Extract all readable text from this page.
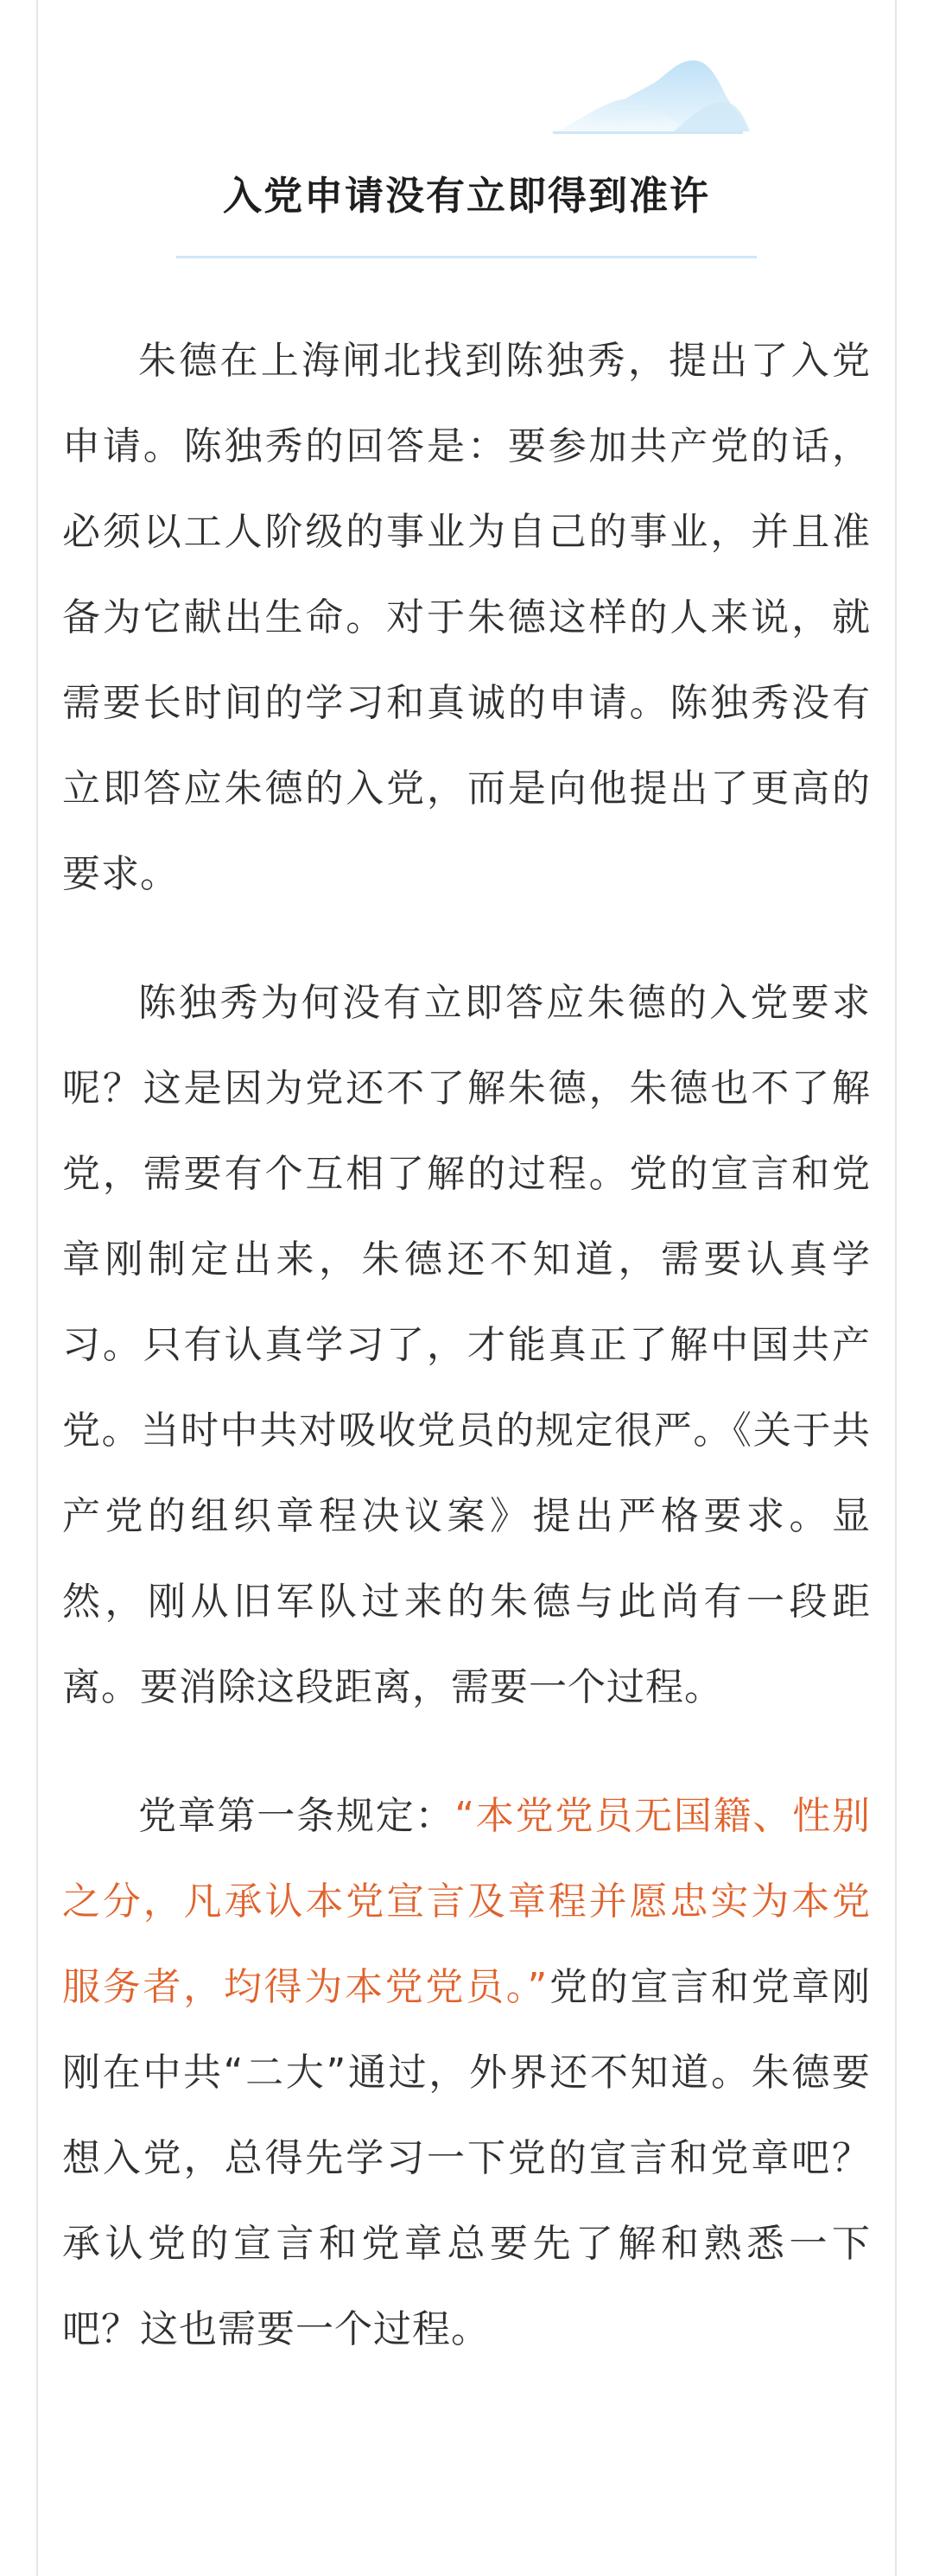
入党申请没有立即得到准许

朱德在上海闸北找到陈独秀，提出了入党申请。陈独秀的回答是：要参加共产党的话，必须以工人阶级的事业为自己的事业，并且准备为它献出生命。对于朱德这样的人来说，就需要长时间的学习和真诚的申请。陈独秀没有立即答应朱德的入党，而是向他提出了更高的要求。

陈独秀为何没有立即答应朱德的入党要求呢？这是因为党还不了解朱德，朱德也不了解党，需要有个互相了解的过程。党的宣言和党章刚制定出来，朱德还不知道，需要认真学习。只有认真学习了，才能真正了解中国共产党。当时中共对吸收党员的规定很严。《关于共产党的组织章程决议案》提出严格要求。显然，刚从旧军队过来的朱德与此尚有一段距离。要消除这段距离，需要一个过程。

党章第一条规定：“本党党员无国籍、性别之分，凡承认本党宣言及章程并愿忠实为本党服务者，均得为本党党员。”党的宣言和党章刚刚在中共“二大”通过，外界还不知道。朱德要想入党，总得先学习一下党的宣言和党章吧？承认党的宣言和党章总要先了解和熟悉一下吧？这也需要一个过程。
